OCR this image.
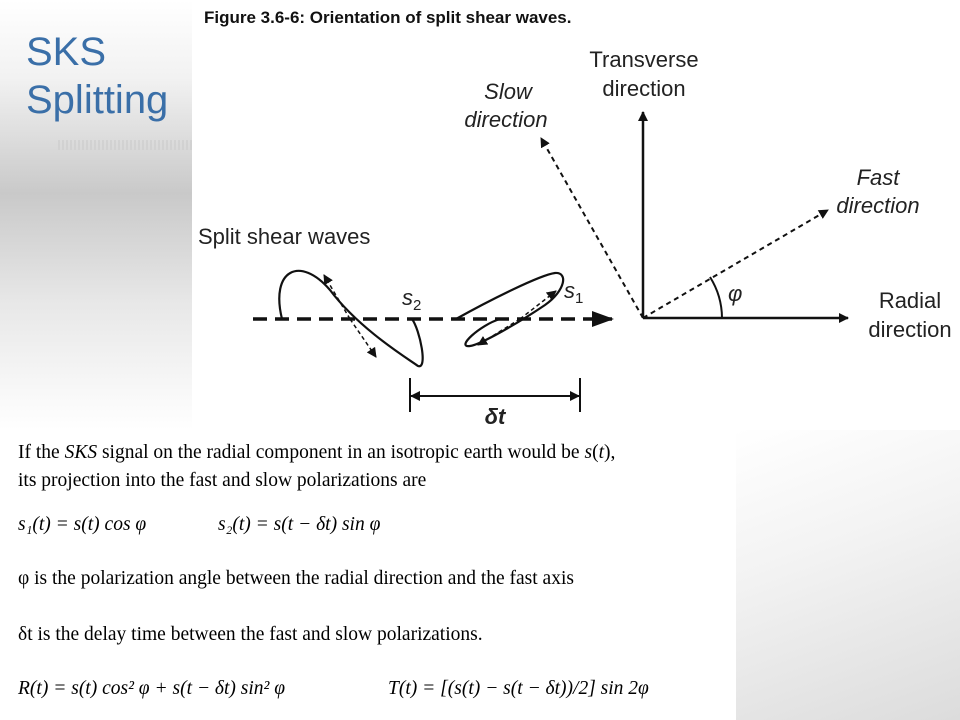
SKS Splitting
Figure 3.6-6: Orientation of split shear waves.
Transverse
direction
Slow
direction
Fast
direction
Radial
direction
φ
Split shear waves
$s_2$
$s_1$
δt
If the SKS signal on the radial component in an isotropic earth would be s(t),
its projection into the fast and slow polarizations are
s₁(t) = s(t) cos φ	s₂(t) = s(t − δt) sin φ
φ is the polarization angle between the radial direction and the fast axis
δt is the delay time between the fast and slow polarizations.
R(t) = s(t) cos² φ + s(t − δt) sin² φ	T(t) = [(s(t) − s(t − δt))/2] sin 2φ
